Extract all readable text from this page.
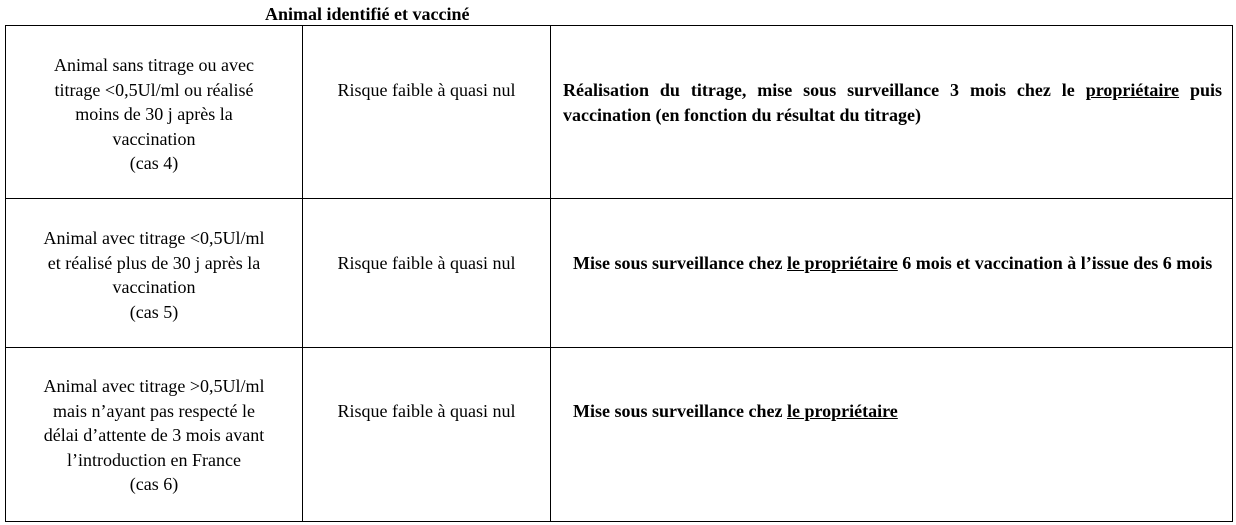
Animal identifié et vacciné
Animal sans titrage ou avec
titrage <0,5Ul/ml ou réalisé
moins de 30 j après la
vaccination
(cas 4)	Risque faible à quasi nul	Réalisation du titrage, mise sous surveillance 3 mois chez le propriétaire puis vaccination (en fonction du résultat du titrage)

Animal avec titrage <0,5Ul/ml
et réalisé plus de 30 j après la
vaccination
(cas 5)	Risque faible à quasi nul	Mise sous surveillance chez le propriétaire 6 mois et vaccination à l’issue des 6 mois

Animal avec titrage >0,5Ul/ml
mais n’ayant pas respecté le
délai d’attente de 3 mois avant
l’introduction en France
(cas 6)	Risque faible à quasi nul	Mise sous surveillance chez le propriétaire
